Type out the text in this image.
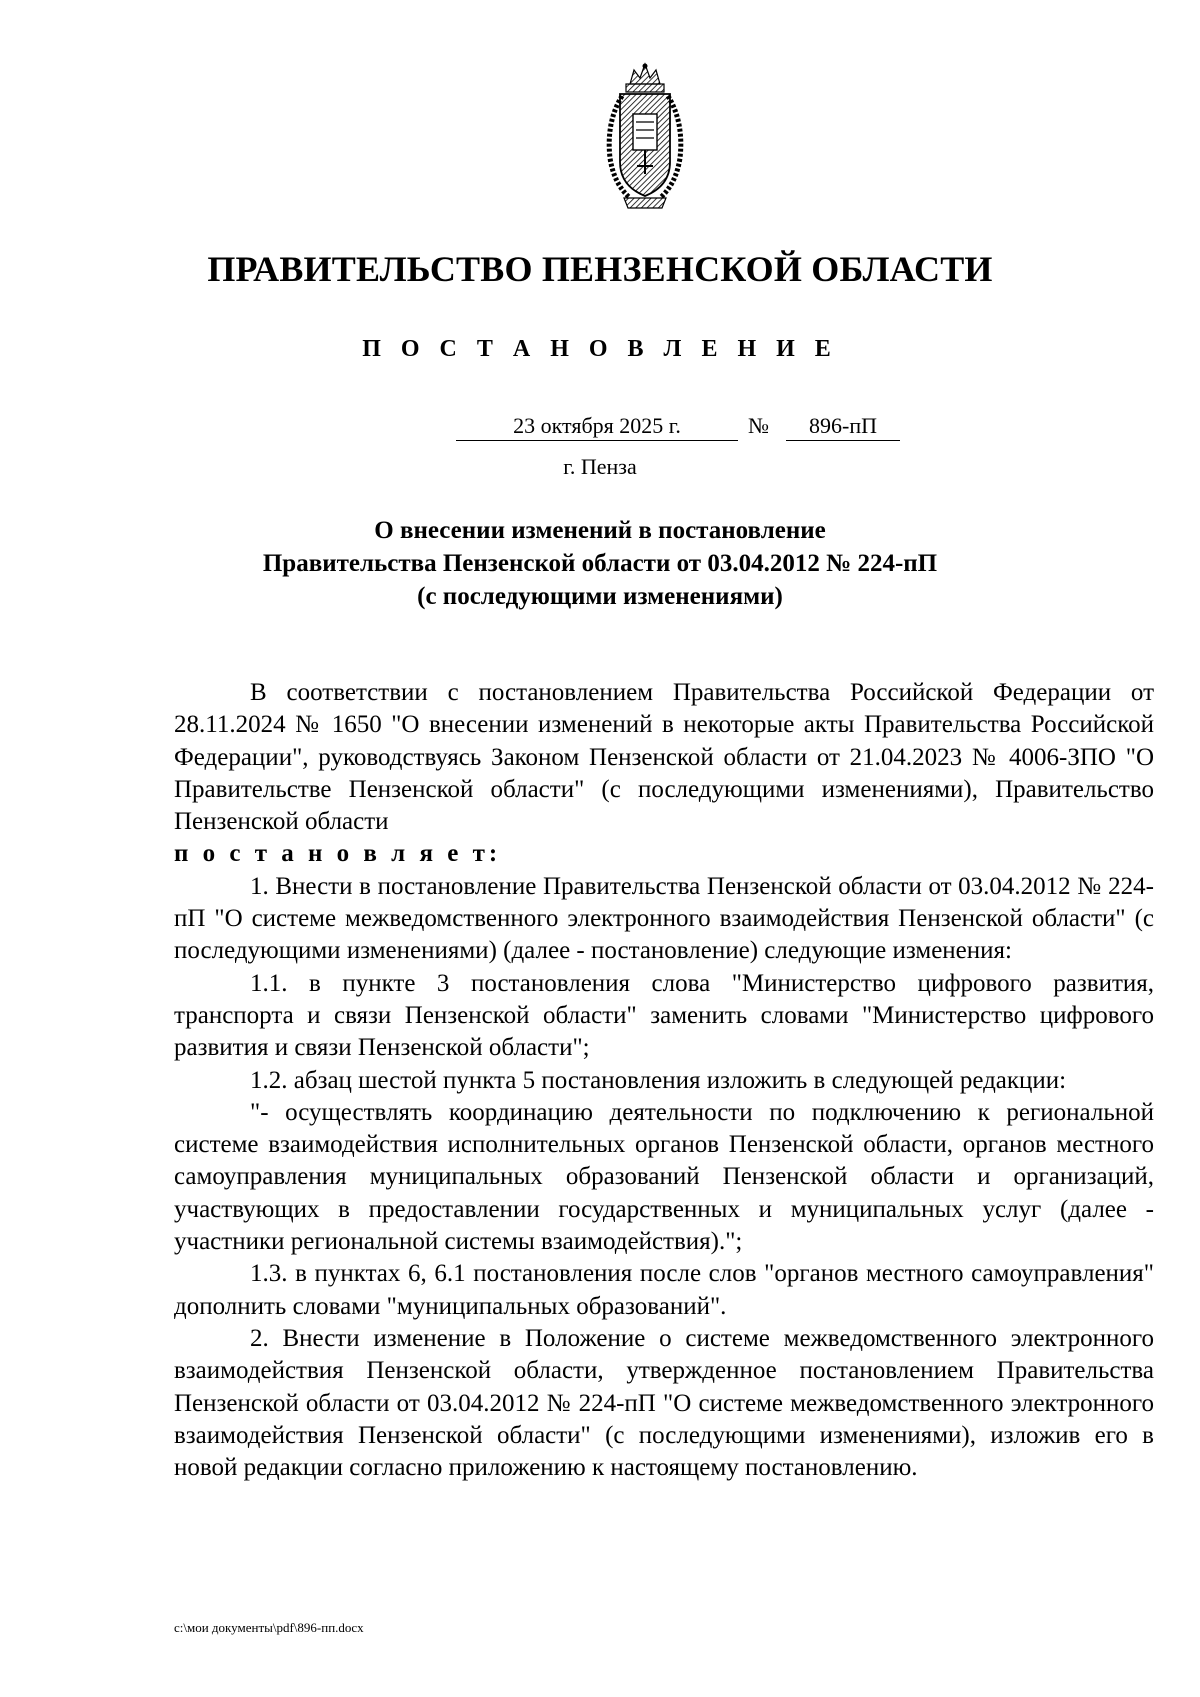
ПРАВИТЕЛЬСТВО ПЕНЗЕНСКОЙ ОБЛАСТИ
П О С Т А Н О В Л Е Н И Е
23 октября 2025 г.	№	896-пП
г. Пенза
О внесении изменений в постановление
Правительства Пензенской области от 03.04.2012 № 224-пП
(с последующими изменениями)

В соответствии с постановлением Правительства Российской Федерации от 28.11.2024 № 1650 "О внесении изменений в некоторые акты Правительства Российской Федерации", руководствуясь Законом Пензенской области от 21.04.2023 № 4006-ЗПО "О Правительстве Пензенской области" (с последующими изменениями), Правительство Пензенской области

п о с т а н о в л я е т:

1. Внести в постановление Правительства Пензенской области от 03.04.2012 № 224-пП "О системе межведомственного электронного взаимодействия Пензенской области" (с последующими изменениями) (далее - постановление) следующие изменения:

1.1. в пункте 3 постановления слова "Министерство цифрового развития, транспорта и связи Пензенской области" заменить словами "Министерство цифрового развития и связи Пензенской области";

1.2. абзац шестой пункта 5 постановления изложить в следующей редакции:

"- осуществлять координацию деятельности по подключению к региональной системе взаимодействия исполнительных органов Пензенской области, органов местного самоуправления муниципальных образований Пензенской области и организаций, участвующих в предоставлении государственных и муниципальных услуг (далее - участники региональной системы взаимодействия).";

1.3. в пунктах 6, 6.1 постановления после слов "органов местного самоуправления" дополнить словами "муниципальных образований".

2. Внести изменение в Положение о системе межведомственного электронного взаимодействия Пензенской области, утвержденное постановлением Правительства Пензенской области от 03.04.2012 № 224-пП "О системе межведомственного электронного взаимодействия Пензенской области" (с последующими изменениями), изложив его в новой редакции согласно приложению к настоящему постановлению.

c:\мои документы\pdf\896-пп.docx
